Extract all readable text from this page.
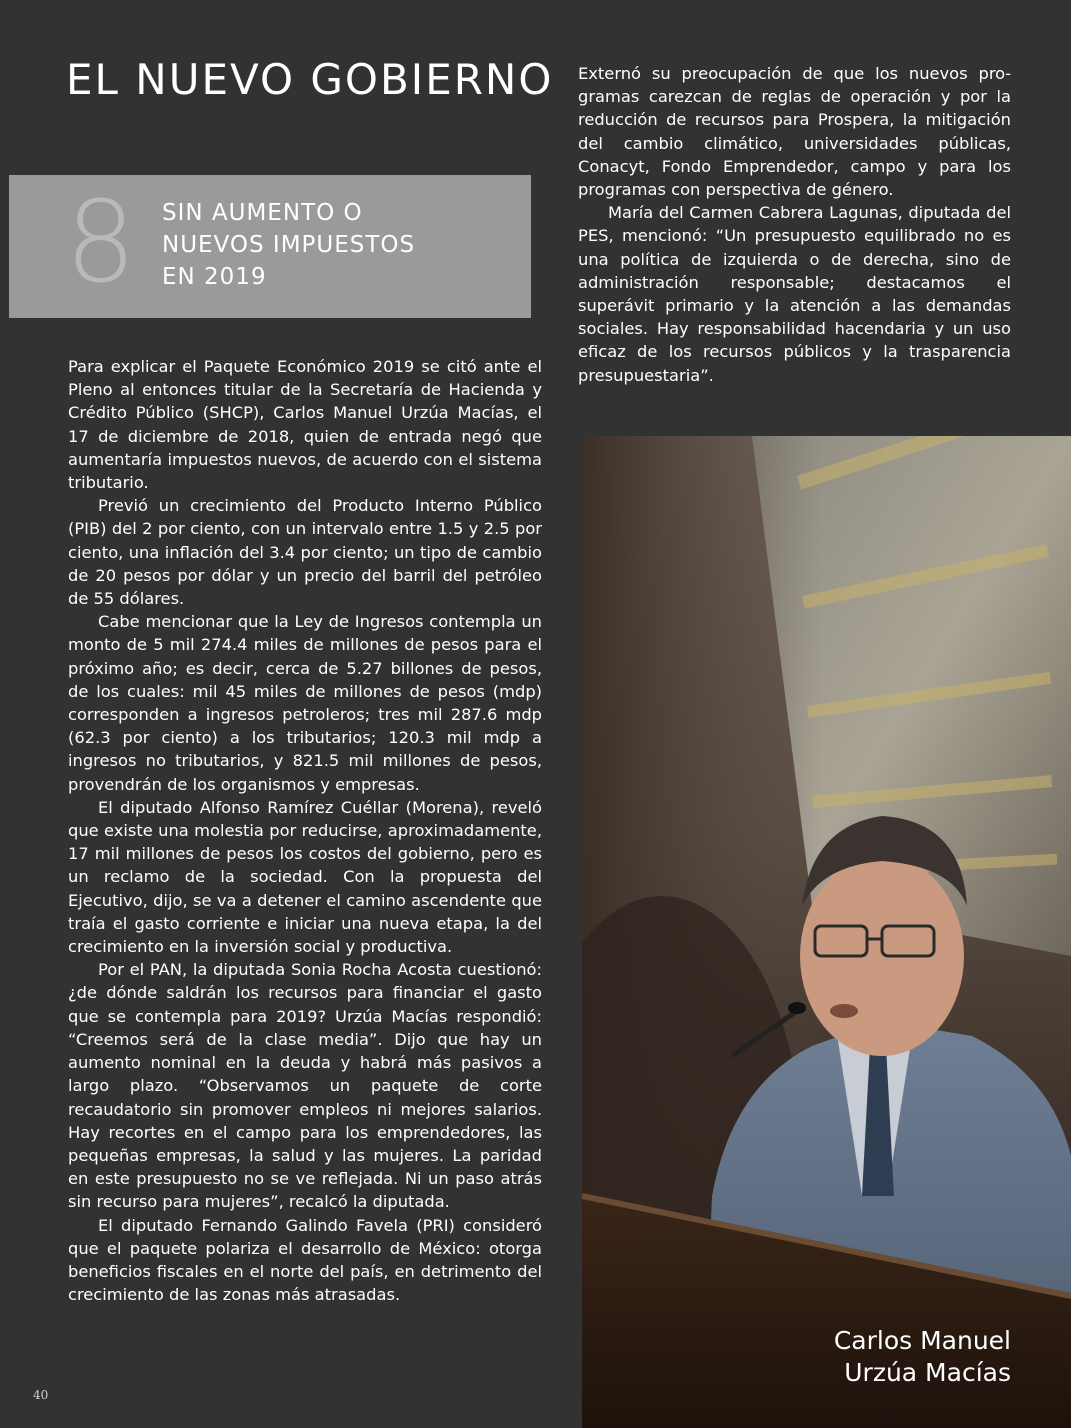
EL NUEVO GOBIERNO
8 SIN AUMENTO O
NUEVOS IMPUESTOS
EN 2019

Para explicar el Paquete Económico 2019 se citó ante el Pleno al entonces titular de la Secretaría de Hacienda y Crédito Público (SHCP), Carlos Manuel Urzúa Macías, el 17 de diciembre de 2018, quien de entrada negó que aumentaría impuestos nuevos, de acuerdo con el sistema tributario.

Previó un crecimiento del Producto Interno Público (PIB) del 2 por ciento, con un intervalo entre 1.5 y 2.5 por ciento, una inflación del 3.4 por ciento; un tipo de cambio de 20 pesos por dólar y un precio del barril del petróleo de 55 dólares.

Cabe mencionar que la Ley de Ingresos contempla un monto de 5 mil 274.4 miles de millones de pesos para el próximo año; es decir, cerca de 5.27 billones de pesos, de los cuales: mil 45 miles de millones de pesos (mdp) corresponden a ingresos petroleros; tres mil 287.6 mdp (62.3 por ciento) a los tributarios; 120.3 mil mdp a ingresos no tributarios, y 821.5 mil millones de pesos, provendrán de los organismos y empresas.

El diputado Alfonso Ramírez Cuéllar (Morena), reveló que existe una molestia por reducirse, aproximadamente, 17 mil millones de pesos los costos del gobierno, pero es un reclamo de la sociedad. Con la propuesta del Ejecutivo, dijo, se va a detener el camino ascendente que traía el gasto corriente e iniciar una nueva etapa, la del crecimiento en la inversión social y productiva.

Por el PAN, la diputada Sonia Rocha Acosta cuestionó: ¿de dónde saldrán los recursos para financiar el gasto que se contempla para 2019? Urzúa Macías respondió: “Creemos será de la clase media”. Dijo que hay un aumento nominal en la deuda y habrá más pasivos a largo plazo. “Observamos un paquete de corte recaudatorio sin promover empleos ni mejores salarios. Hay recortes en el campo para los emprendedores, las pequeñas empresas, la salud y las mujeres. La paridad en este presupuesto no se ve reflejada. Ni un paso atrás sin recurso para mujeres”, recalcó la diputada.

El diputado Fernando Galindo Favela (PRI) consideró que el paquete polariza el desarrollo de México: otorga beneficios fiscales en el norte del país, en detrimento del crecimiento de las zonas más atrasadas.

Externó su preocupación de que los nuevos programas carezcan de reglas de operación y por la reducción de recursos para Prospera, la mitigación del cambio climático, universidades públicas, Conacyt, Fondo Emprendedor, campo y para los programas con perspectiva de género.

María del Carmen Cabrera Lagunas, diputada del PES, mencionó: “Un presupuesto equilibrado no es una política de izquierda o de derecha, sino de administración responsable; destacamos el superávit primario y la atención a las demandas sociales. Hay responsabilidad hacendaria y un uso eficaz de los recursos públicos y la trasparencia presupuestaria”.

Carlos Manuel
Urzúa Macías
40
